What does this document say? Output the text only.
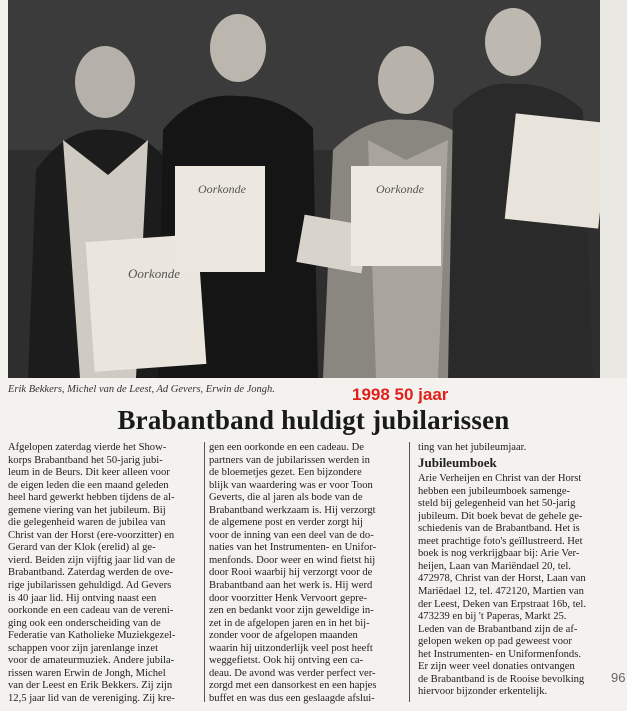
Oorkonde
Oorkonde	Oorkonde
Erik Bekkers, Michel van de Leest, Ad Gevers, Erwin de Jongh.	1998 50 jaar
Brabantband huldigt jubilarissen
Afgelopen zaterdag vierde het Show-
korps Brabantband het 50-jarig jubi-
leum in de Beurs. Dit keer alleen voor
de eigen leden die een maand geleden
heel hard gewerkt hebben tijdens de al-
gemene viering van het jubileum. Bij
die gelegenheid waren de jubilea van
Christ van der Horst (ere-voorzitter) en
Gerard van der Klok (erelid) al ge-
vierd. Beiden zijn vijftig jaar lid van de
Brabantband. Zaterdag werden de ove-
rige jubilarissen gehuldigd. Ad Gevers
is 40 jaar lid. Hij ontving naast een
oorkonde en een cadeau van de vereni-
ging ook een onderscheiding van de
Federatie van Katholieke Muziekgezel-
schappen voor zijn jarenlange inzet
voor de amateurmuziek. Andere jubila-
rissen waren Erwin de Jongh, Michel
van der Leest en Erik Bekkers. Zij zijn
12,5 jaar lid van de vereniging. Zij kre-
gen een oorkonde en een cadeau. De
partners van de jubilarissen werden in
de bloemetjes gezet. Een bijzondere
blijk van waardering was er voor Toon
Geverts, die al jaren als bode van de
Brabantband werkzaam is. Hij verzorgt
de algemene post en verder zorgt hij
voor de inning van een deel van de do-
naties van het Instrumenten- en Unifor-
menfonds. Door weer en wind fietst hij
door Rooi waarbij hij verzorgt voor de
Brabantband aan het werk is. Hij werd
door voorzitter Henk Vervoort gepre-
zen en bedankt voor zijn geweldige in-
zet in de afgelopen jaren en in het bij-
zonder voor de afgelopen maanden
waarin hij uitzonderlijk veel post heeft
weggefietst. Ook hij ontving een ca-
deau. De avond was verder perfect ver-
zorgd met een dansorkest en een hapjes
buffet en was dus een geslaagde afslui-
ting van het jubileumjaar.
Jubileumboek
Arie Verheijen en Christ van der Horst
hebben een jubileumboek samenge-
steld bij gelegenheid van het 50-jarig
jubileum. Dit boek bevat de gehele ge-
schiedenis van de Brabantband. Het is
meet prachtige foto's geïllustreerd. Het
boek is nog verkrijgbaar bij: Arie Ver-
heijen, Laan van Mariëndael 20, tel.
472978, Christ van der Horst, Laan van
Mariëdael 12, tel. 472120, Martien van
der Leest, Deken van Erpstraat 16b, tel.
473239 en bij 't Paperas, Markt 25.
Leden van de Brabantband zijn de af-
gelopen weken op pad geweest voor
het Instrumenten- en Uniformenfonds.
Er zijn weer veel donaties ontvangen
de Brabantband is de Rooise bevolking
hiervoor bijzonder erkentelijk.
96
